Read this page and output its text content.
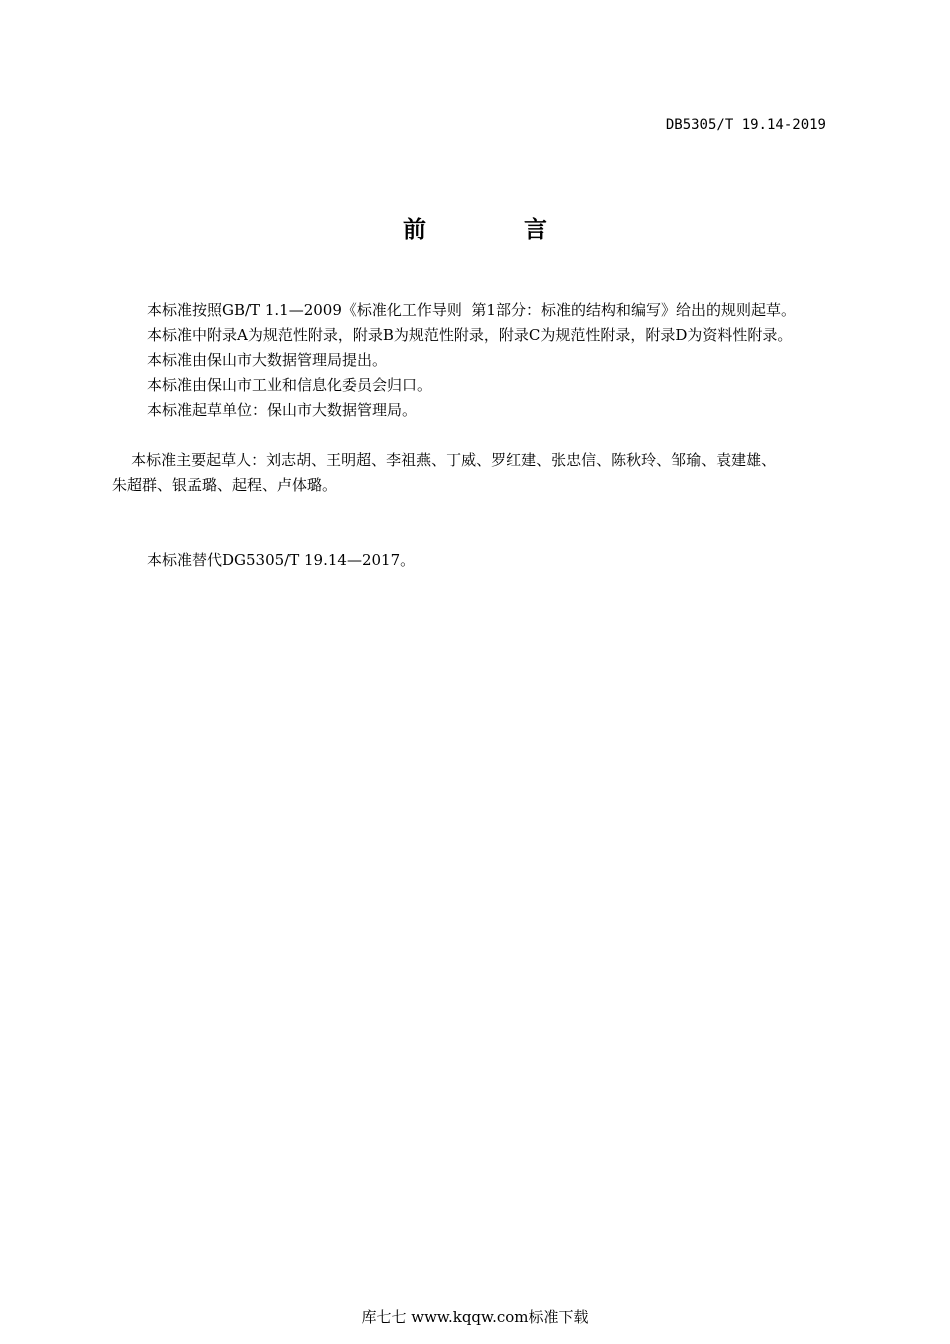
DB5305/T 19.14-2019
前	言

本标准按照GB/T 1.1—2009《标准化工作导则  第1部分：标准的结构和编写》给出的规则起草。

本标准中附录A为规范性附录，附录B为规范性附录，附录C为规范性附录，附录D为资料性附录。

本标准由保山市大数据管理局提出。

本标准由保山市工业和信息化委员会归口。

本标准起草单位：保山市大数据管理局。

本标准主要起草人：刘志胡、王明超、李祖燕、丁威、罗红建、张忠信、陈秋玲、邹瑜、袁建雄、
朱超群、银孟璐、起程、卢体璐。

本标准替代DG5305/T 19.14—2017。

库七七 www.kqqw.com标准下载
